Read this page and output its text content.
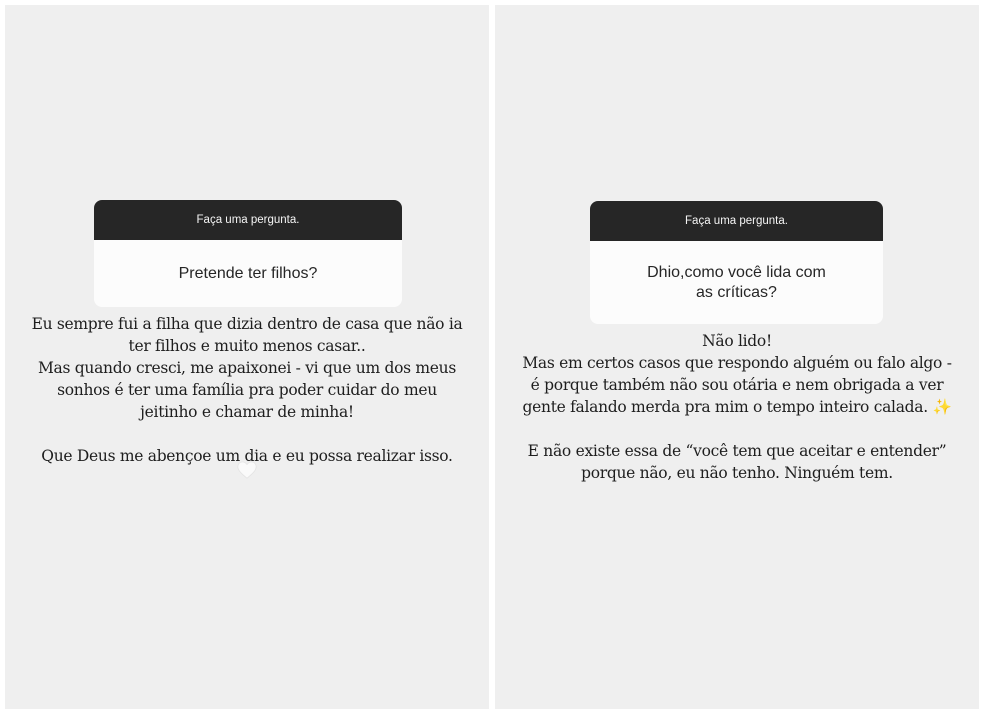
Faça uma pergunta.
Pretende ter filhos?
Eu sempre fui a filha que dizia dentro de casa que não ia
ter filhos e muito menos casar..
Mas quando cresci, me apaixonei - vi que um dos meus
sonhos é ter uma família pra poder cuidar do meu
jeitinho e chamar de minha!
Que Deus me abençoe um dia e eu possa realizar isso.
Faça uma pergunta.
Dhio,como você lida com
as críticas?
Não lido!
Mas em certos casos que respondo alguém ou falo algo -
é porque também não sou otária e nem obrigada a ver
gente falando merda pra mim o tempo inteiro calada. ✨
E não existe essa de “você tem que aceitar e entender”
porque não, eu não tenho. Ninguém tem.
